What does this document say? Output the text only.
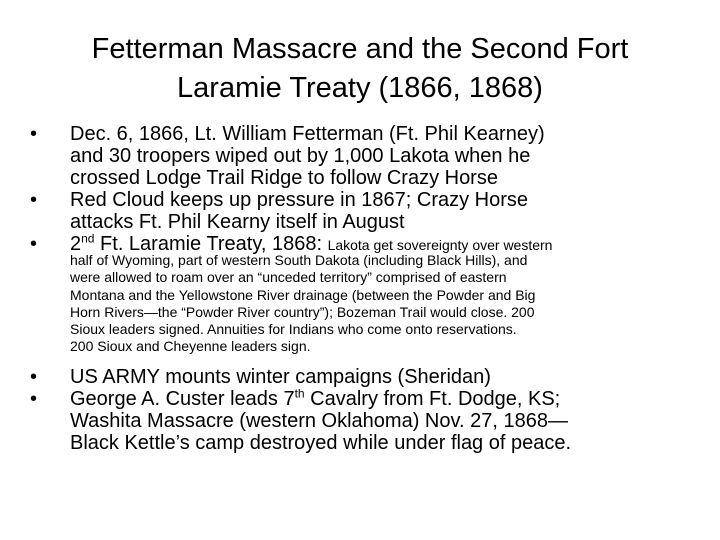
Fetterman Massacre and the Second Fort
Laramie Treaty (1866, 1868)
• Dec. 6, 1866, Lt. William Fetterman (Ft. Phil Kearney)
and 30 troopers wiped out by 1,000 Lakota when he
crossed Lodge Trail Ridge to follow Crazy Horse
• Red Cloud keeps up pressure in 1867; Crazy Horse
attacks Ft. Phil Kearny itself in August
• 2nd Ft. Laramie Treaty, 1868: Lakota get sovereignty over western
half of Wyoming, part of western South Dakota (including Black Hills), and
were allowed to roam over an “unceded territory” comprised of eastern
Montana and the Yellowstone River drainage (between the Powder and Big
Horn Rivers—the “Powder River country”); Bozeman Trail would close. 200
Sioux leaders signed. Annuities for Indians who come onto reservations.
200 Sioux and Cheyenne leaders sign.
• US ARMY mounts winter campaigns (Sheridan)
• George A. Custer leads 7th Cavalry from Ft. Dodge, KS;
Washita Massacre (western Oklahoma) Nov. 27, 1868—
Black Kettle’s camp destroyed while under flag of peace.
